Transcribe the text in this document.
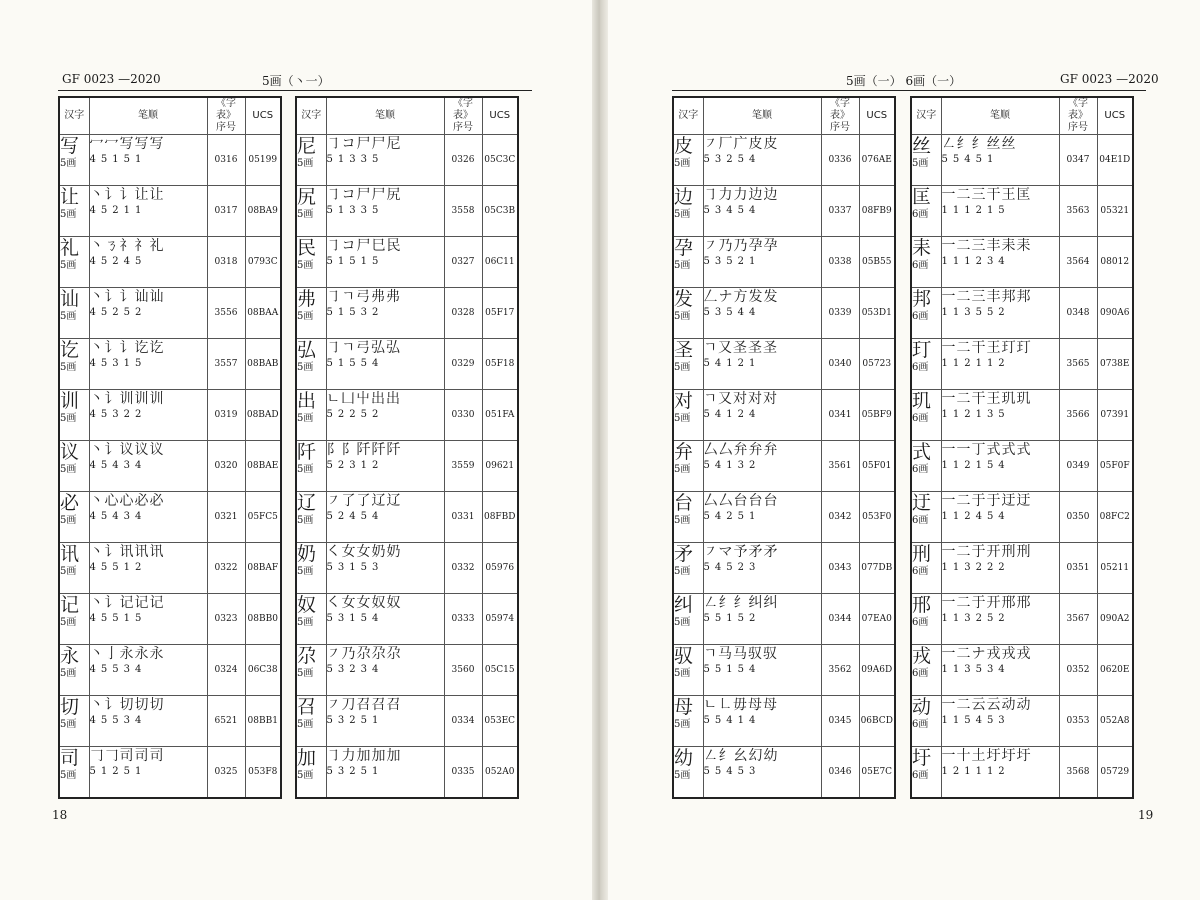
GF 0023 —2020	5画（丶一）	5画（一） 6画（一）	GF 0023 —2020
18	19
汉字	笔顺	《字表》
序号	UCS

写
5画	冖冖写写写
45151	0316	05199

让
5画	丶讠讠让让
45211	0317	08BA9

礼
5画	丶ㄋ礻礻礼
45245	0318	0793C

讪
5画	丶讠讠讪讪
45252	3556	08BAA

讫
5画	丶讠讠讫讫
45315	3557	08BAB

训
5画	丶讠训训训
45322	0319	08BAD

议
5画	丶讠议议议
45434	0320	08BAE

必
5画	丶心心必必
45434	0321	05FC5

讯
5画	丶讠讯讯讯
45512	0322	08BAF

记
5画	丶讠记记记
45515	0323	08BB0

永
5画	丶亅永永永
45534	0324	06C38

切
5画	丶讠切切切
45534	6521	08BB1

司
5画	𠃌𠃌司司司
51251	0325	053F8
汉字	笔顺	《字表》
序号	UCS

尼
5画	㇆コ尸尸尼
51335	0326	05C3C

尻
5画	㇆コ尸尸尻
51335	3558	05C3B

民
5画	㇆コ尸巳民
51515	0327	06C11

弗
5画	㇆ㄱ弓弗弗
51532	0328	05F17

弘
5画	㇆ㄱ弓弘弘
51554	0329	05F18

出
5画	ㄴ凵屮出出
52252	0330	051FA

阡
5画	阝阝阡阡阡
52312	3559	09621

辽
5画	㇇了了辽辽
52454	0331	08FBD

奶
5画	㇛女女奶奶
53153	0332	05976

奴
5画	㇛女女奴奴
53154	0333	05974

尕
5画	㇇乃尕尕尕
53234	3560	05C15

召
5画	㇇刀召召召
53251	0334	053EC

加
5画	㇆力加加加
53251	0335	052A0
汉字	笔顺	《字表》
序号	UCS

皮
5画	㇇厂广皮皮
53254	0336	076AE

边
5画	㇆力力边边
53454	0337	08FB9

孕
5画	㇇乃乃孕孕
53521	0338	05B55

发
5画	𠃋ナ方发发
53544	0339	053D1

圣
5画	ㄱ又圣圣圣
54121	0340	05723

对
5画	ㄱ又对对对
54124	0341	05BF9

弁
5画	厶厶弁弁弁
54132	3561	05F01

台
5画	厶厶台台台
54251	0342	053F0

矛
5画	㇇マ予矛矛
54523	0343	077DB

纠
5画	㇜纟纟纠纠
55152	0344	07EA0

驭
5画	ㄱ马马驭驭
55154	3562	09A6D

母
5画	ㄴ㇗毋母母
55414	0345	06BCD

幼
5画	㇜纟幺幻幼
55453	0346	05E7C
汉字	笔顺	《字表》
序号	UCS

丝
5画	㇜纟纟丝丝
55451	0347	04E1D

匡
6画	一二三干王匡
111215	3563	05321

耒
6画	一二三丰耒耒
111234	3564	08012

邦
6画	一二三丰邦邦
113552	0348	090A6

玎
6画	一二干王玎玎
112112	3565	0738E

玑
6画	一二干王玑玑
112135	3566	07391

式
6画	一一丁式式式
112154	0349	05F0F

迂
6画	一二于于迂迂
112454	0350	08FC2

刑
6画	一二于开刑刑
113222	0351	05211

邢
6画	一二于开邢邢
113252	3567	090A2

戎
6画	一二ナ戎戎戎
113534	0352	0620E

动
6画	一二云云动动
115453	0353	052A8

圩
6画	一十土圩圩圩
121112	3568	05729
